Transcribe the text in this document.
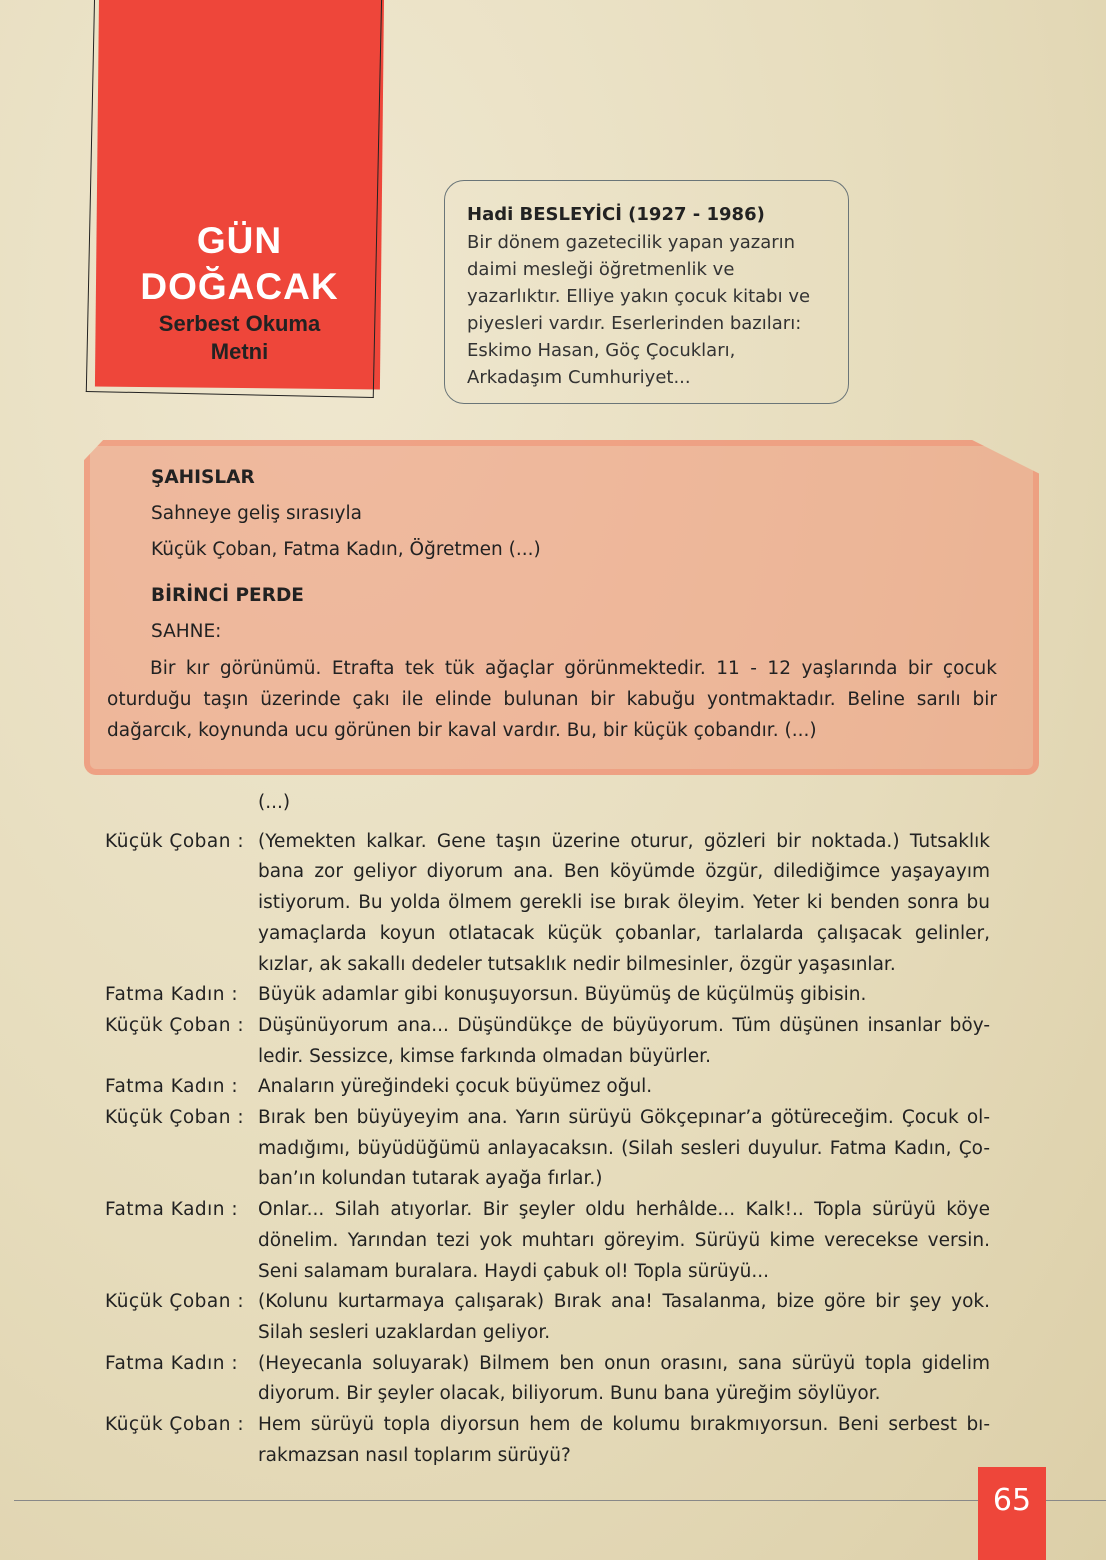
GÜN
DOĞACAK
Serbest Okuma
Metni
Hadi BESLEYİCİ (1927 - 1986)

Bir dönem gazetecilik yapan yazarın daimi mesleği öğretmenlik ve yazarlıktır. Elliye yakın çocuk kitabı ve piyesleri vardır. Eserlerinden bazıları: Eskimo Hasan, Göç Çocukları, Arkadaşım Cumhuriyet...

ŞAHISLAR
Sahneye geliş sırasıyla
Küçük Çoban, Fatma Kadın, Öğretmen (...)
BİRİNCİ PERDE
SAHNE:
Bir kır görünümü. Etrafta tek tük ağaçlar görünmektedir. 11 - 12 yaşlarında bir çocuk oturduğu taşın üzerinde çakı ile elinde bulunan bir kabuğu yontmaktadır. Beline sarılı bir dağarcık, koynunda ucu görünen bir kaval vardır. Bu, bir küçük çobandır. (...)
(...)
Küçük Çoban : (Yemekten kalkar. Gene taşın üzerine oturur, gözleri bir noktada.) Tutsaklık bana zor geliyor diyorum ana. Ben köyümde özgür, dilediğimce yaşayayım istiyorum. Bu yolda ölmem gerekli ise bırak öleyim. Yeter ki benden sonra bu yamaçlarda koyun otlatacak küçük çobanlar, tarlalarda çalışacak gelinler, kızlar, ak sakallı dedeler tutsaklık nedir bilmesinler, özgür yaşasınlar.
Fatma Kadın :	Büyük adamlar gibi konuşuyorsun. Büyümüş de küçülmüş gibisin.
Küçük Çoban : Düşünüyorum ana... Düşündükçe de büyüyorum. Tüm düşünen insanlar böy-ledir. Sessizce, kimse farkında olmadan büyürler.
Fatma Kadın :	Anaların yüreğindeki çocuk büyümez oğul.
Küçük Çoban : Bırak ben büyüyeyim ana. Yarın sürüyü Gökçepınar’a götüreceğim. Çocuk ol-madığımı, büyüdüğümü anlayacaksın. (Silah sesleri duyulur. Fatma Kadın, Ço-ban’ın kolundan tutarak ayağa fırlar.)
Fatma Kadın :	Onlar... Silah atıyorlar. Bir şeyler oldu herhâlde... Kalk!.. Topla sürüyü köye dönelim. Yarından tezi yok muhtarı göreyim. Sürüyü kime verecekse versin. Seni salamam buralara. Haydi çabuk ol! Topla sürüyü...
Küçük Çoban : (Kolunu kurtarmaya çalışarak) Bırak ana! Tasalanma, bize göre bir şey yok. Silah sesleri uzaklardan geliyor.
Fatma Kadın :	(Heyecanla soluyarak) Bilmem ben onun orasını, sana sürüyü topla gidelim diyorum. Bir şeyler olacak, biliyorum. Bunu bana yüreğim söylüyor.
Küçük Çoban : Hem sürüyü topla diyorsun hem de kolumu bırakmıyorsun. Beni serbest bı-rakmazsan nasıl toplarım sürüyü?
65
